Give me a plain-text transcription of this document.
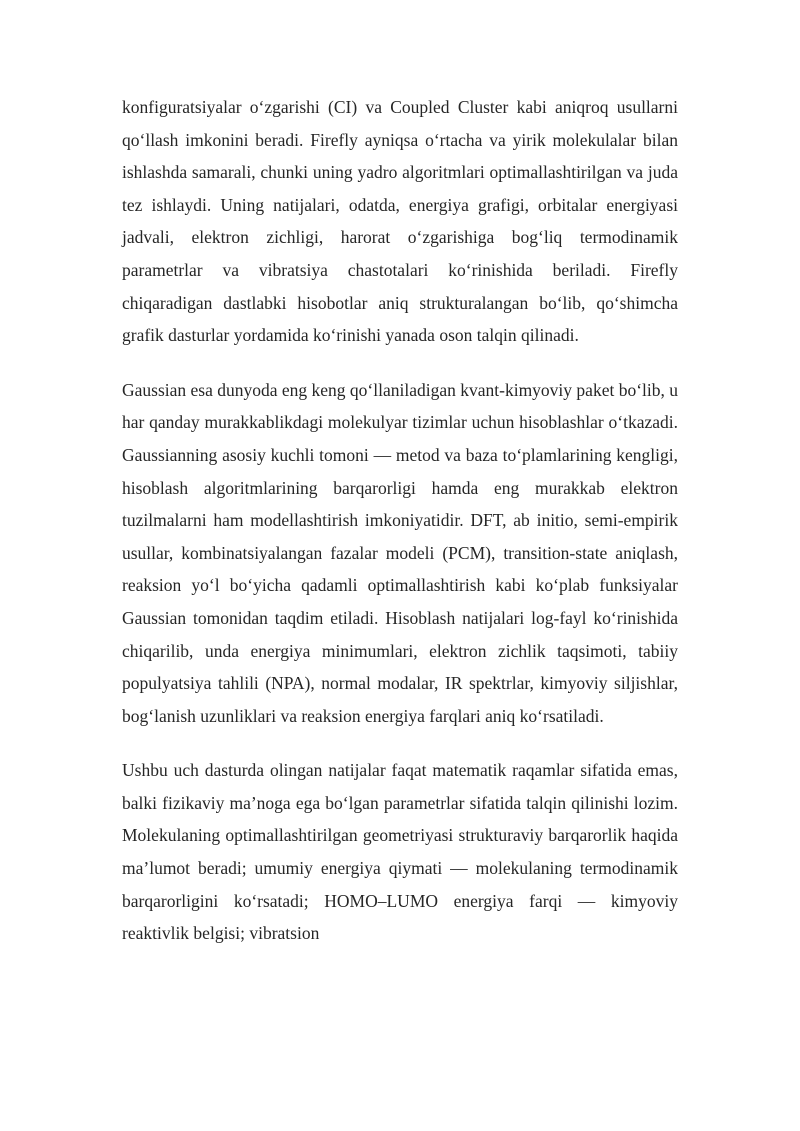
konfiguratsiyalar o‘zgarishi (CI) va Coupled Cluster kabi aniqroq usullarni qo‘llash imkonini beradi. Firefly ayniqsa o‘rtacha va yirik molekulalar bilan ishlashda samarali, chunki uning yadro algoritmlari optimallashtirilgan va juda tez ishlaydi. Uning natijalari, odatda, energiya grafigi, orbitalar energiyasi jadvali, elektron zichligi, harorat o‘zgarishiga bog‘liq termodinamik parametrlar va vibratsiya chastotalari ko‘rinishida beriladi. Firefly chiqaradigan dastlabki hisobotlar aniq strukturalangan bo‘lib, qo‘shimcha grafik dasturlar yordamida ko‘rinishi yanada oson talqin qilinadi.

Gaussian esa dunyoda eng keng qo‘llaniladigan kvant-kimyoviy paket bo‘lib, u har qanday murakkablikdagi molekulyar tizimlar uchun hisoblashlar o‘tkazadi. Gaussianning asosiy kuchli tomoni — metod va baza to‘plamlarining kengligi, hisoblash algoritmlarining barqarorligi hamda eng murakkab elektron tuzilmalarni ham modellashtirish imkoniyatidir. DFT, ab initio, semi-empirik usullar, kombinatsiyalangan fazalar modeli (PCM), transition-state aniqlash, reaksion yo‘l bo‘yicha qadamli optimallashtirish kabi ko‘plab funksiyalar Gaussian tomonidan taqdim etiladi. Hisoblash natijalari log-fayl ko‘rinishida chiqarilib, unda energiya minimumlari, elektron zichlik taqsimoti, tabiiy populyatsiya tahlili (NPA), normal modalar, IR spektrlar, kimyoviy siljishlar, bog‘lanish uzunliklari va reaksion energiya farqlari aniq ko‘rsatiladi.

Ushbu uch dasturda olingan natijalar faqat matematik raqamlar sifatida emas, balki fizikaviy ma’noga ega bo‘lgan parametrlar sifatida talqin qilinishi lozim. Molekulaning optimallashtirilgan geometriyasi strukturaviy barqarorlik haqida ma’lumot beradi; umumiy energiya qiymati — molekulaning termodinamik barqarorligini ko‘rsatadi; HOMO–LUMO energiya farqi — kimyoviy reaktivlik belgisi; vibratsion
